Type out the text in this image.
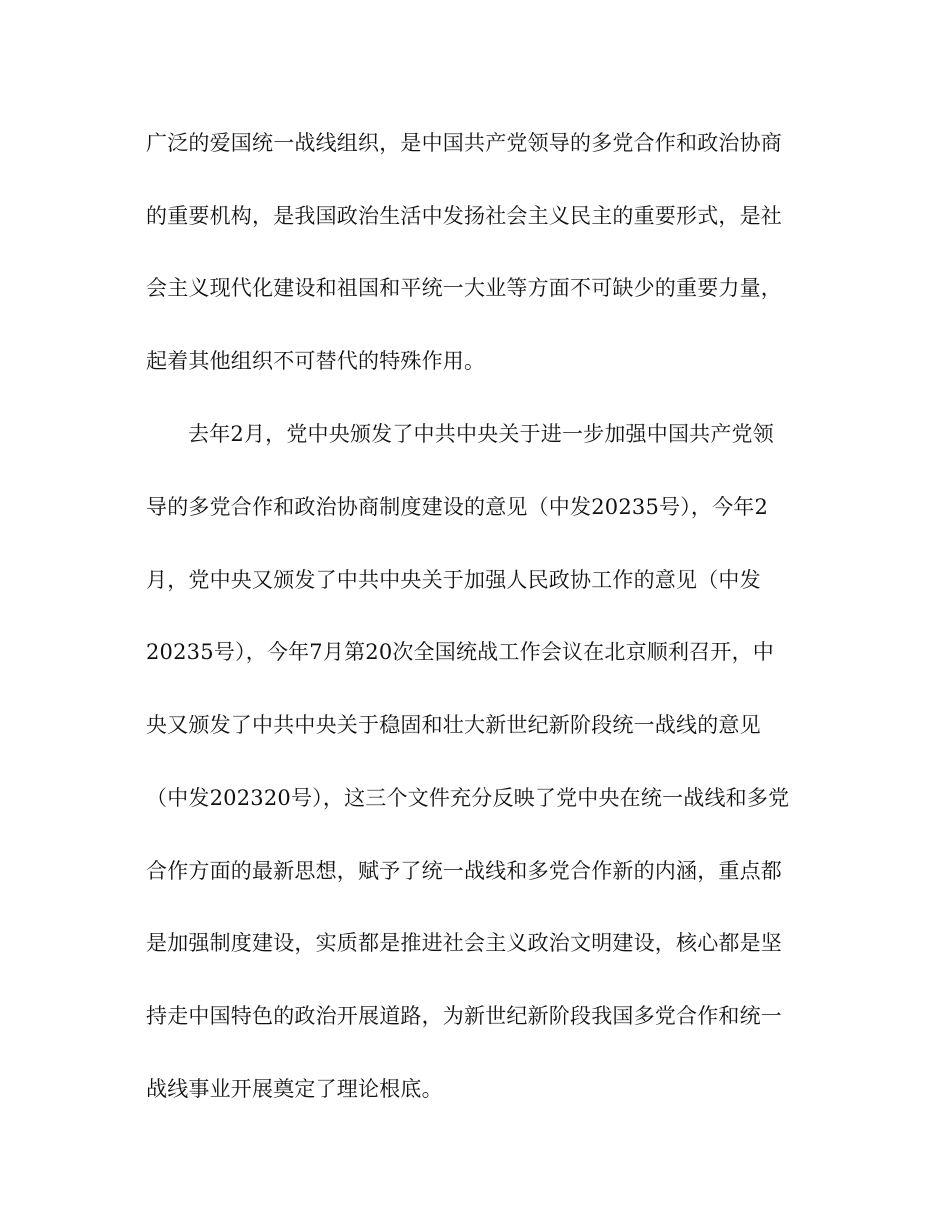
广泛的爱国统一战线组织，是中国共产党领导的多党合作和政治协商
的重要机构，是我国政治生活中发扬社会主义民主的重要形式，是社
会主义现代化建设和祖国和平统一大业等方面不可缺少的重要力量，
起着其他组织不可替代的特殊作用。
去年2月，党中央颁发了中共中央关于进一步加强中国共产党领
导的多党合作和政治协商制度建设的意见（中发20235号），今年2
月，党中央又颁发了中共中央关于加强人民政协工作的意见（中发
20235号），今年7月第20次全国统战工作会议在北京顺利召开，中
央又颁发了中共中央关于稳固和壮大新世纪新阶段统一战线的意见
（中发202320号），这三个文件充分反映了党中央在统一战线和多党
合作方面的最新思想，赋予了统一战线和多党合作新的内涵，重点都
是加强制度建设，实质都是推进社会主义政治文明建设，核心都是坚
持走中国特色的政治开展道路，为新世纪新阶段我国多党合作和统一
战线事业开展奠定了理论根底。
